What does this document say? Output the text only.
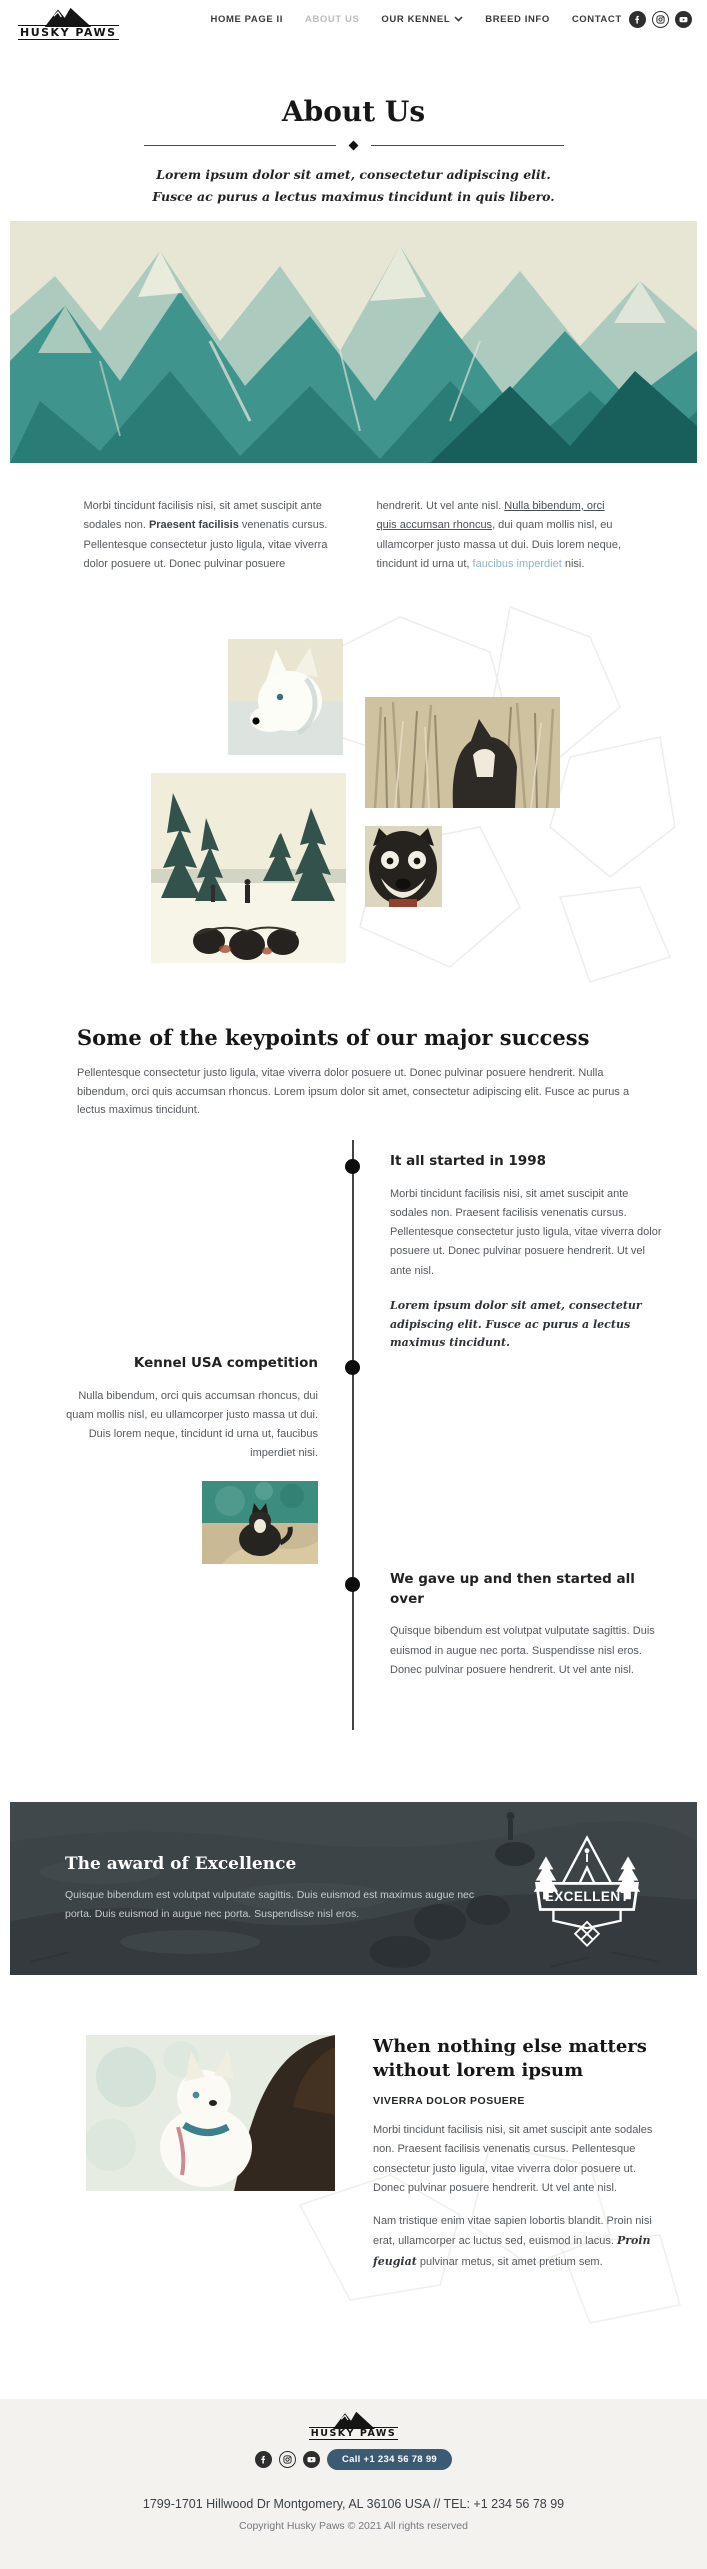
HUSKY PAWS
HOME PAGE II ABOUT US OUR KENNEL	BREED INFO CONTACT
About Us
Lorem ipsum dolor sit amet, consectetur adipiscing elit. Fusce ac purus a lectus maximus tincidunt in quis libero.

Morbi tincidunt facilisis nisi, sit amet suscipit ante sodales non. Praesent facilisis venenatis cursus. Pellentesque consectetur justo ligula, vitae viverra dolor posuere ut. Donec pulvinar posuere

hendrerit. Ut vel ante nisl. Nulla bibendum, orci quis accumsan rhoncus, dui quam mollis nisl, eu ullamcorper justo massa ut dui. Duis lorem neque, tincidunt id urna ut, faucibus imperdiet nisi.

Some of the keypoints of our major success

Pellentesque consectetur justo ligula, vitae viverra dolor posuere ut. Donec pulvinar posuere hendrerit. Nulla bibendum, orci quis accumsan rhoncus. Lorem ipsum dolor sit amet, consectetur adipiscing elit. Fusce ac purus a lectus maximus tincidunt.

It all started in 1998

Morbi tincidunt facilisis nisi, sit amet suscipit ante sodales non. Praesent facilisis venenatis cursus. Pellentesque consectetur justo ligula, vitae viverra dolor posuere ut. Donec pulvinar posuere hendrerit. Ut vel ante nisl.

Lorem ipsum dolor sit amet, consectetur adipiscing elit. Fusce ac purus a lectus maximus tincidunt.
Kennel USA competition

Nulla bibendum, orci quis accumsan rhoncus, dui quam mollis nisl, eu ullamcorper justo massa ut dui. Duis lorem neque, tincidunt id urna ut, faucibus imperdiet nisi.

We gave up and then started all over

Quisque bibendum est volutpat vulputate sagittis. Duis euismod in augue nec porta. Suspendisse nisl eros. Donec pulvinar posuere hendrerit. Ut vel ante nisl.

The award of Excellence

Quisque bibendum est volutpat vulputate sagittis. Duis euismod est maximus augue nec porta. Duis euismod in augue nec porta. Suspendisse nisl eros.

EXCELLENT
When nothing else matters without lorem ipsum
VIVERRA DOLOR POSUERE

Morbi tincidunt facilisis nisi, sit amet suscipit ante sodales non. Praesent facilisis venenatis cursus. Pellentesque consectetur justo ligula, vitae viverra dolor posuere ut. Donec pulvinar posuere hendrerit. Ut vel ante nisl.

Nam tristique enim vitae sapien lobortis blandit. Proin nisi erat, ullamcorper ac luctus sed, euismod in lacus. Proin feugiat pulvinar metus, sit amet pretium sem.

HUSKY PAWS
Call +1 234 56 78 99
1799-1701 Hillwood Dr Montgomery, AL 36106 USA // TEL: +1 234 56 78 99
Copyright Husky Paws © 2021 All rights reserved
